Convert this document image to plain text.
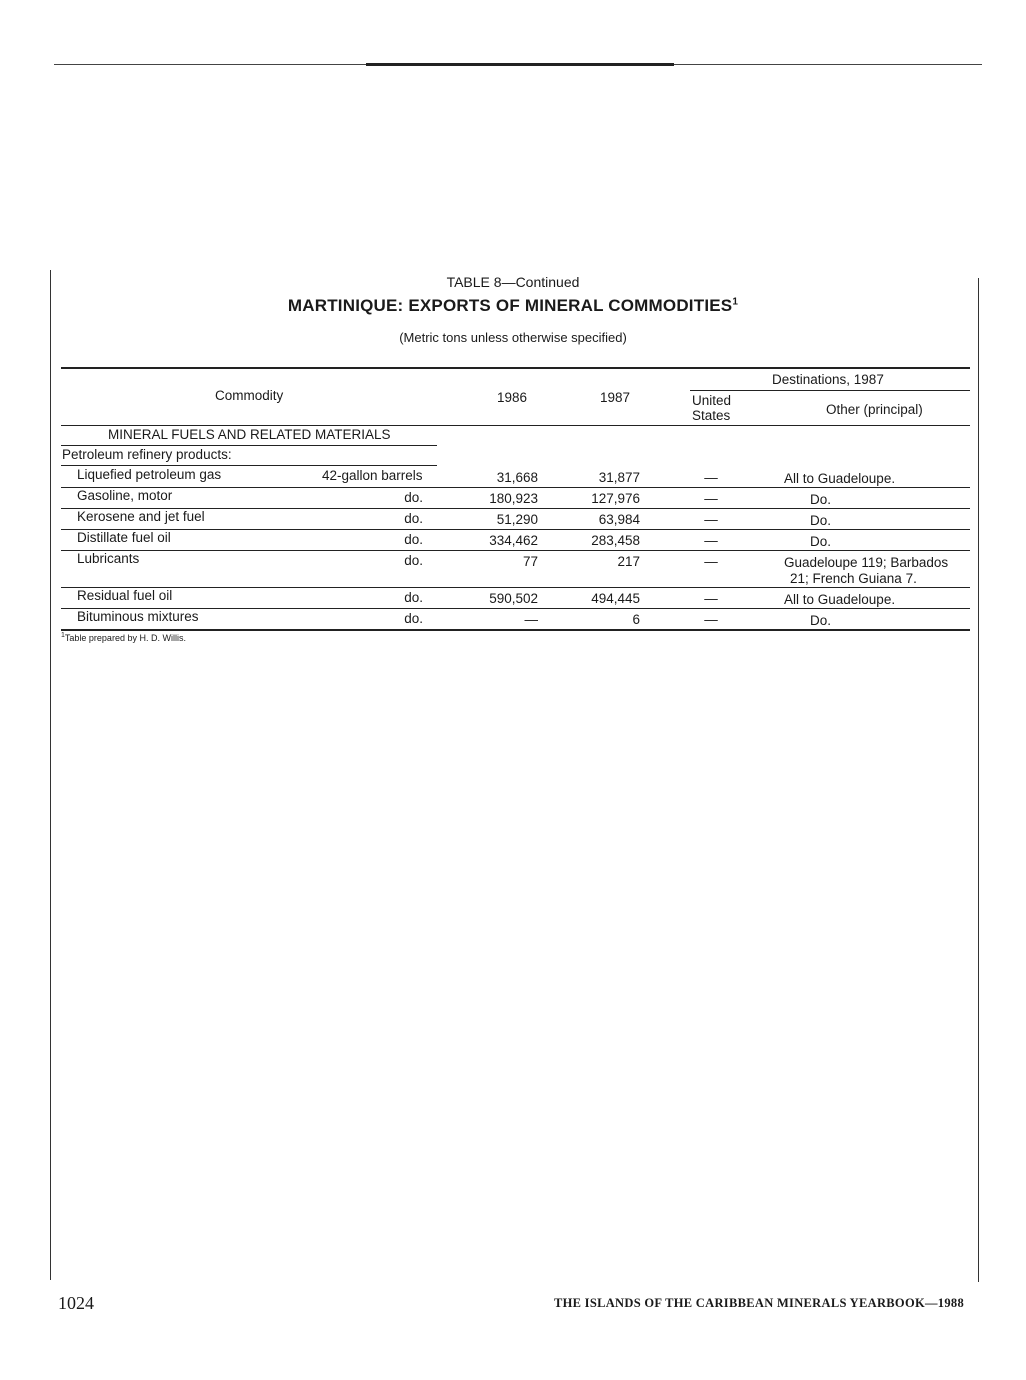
TABLE 8—Continued
MARTINIQUE: EXPORTS OF MINERAL COMMODITIES$^1$
(Metric tons unless otherwise specified)
Commodity	1986	1987
Destinations, 1987
United
States	Other (principal)
MINERAL FUELS AND RELATED MATERIALS
Petroleum refinery products:
Liquefied petroleum gas	42-gallon barrels	31,668	31,877	—	All to Guadeloupe.
Gasoline, motor	do.	180,923	127,976	—	Do.
Kerosene and jet fuel	do.	51,290	63,984	—	Do.
Distillate fuel oil	do.	334,462	283,458	—	Do.
Lubricants	do.	77	217	—	Guadeloupe 119; Barbados
21; French Guiana 7.
Residual fuel oil	do.	590,502	494,445	—	All to Guadeloupe.
Bituminous mixtures	do.	—	6	—	Do.
$^1$Table prepared by H. D. Willis.
1024	THE ISLANDS OF THE CARIBBEAN MINERALS YEARBOOK—1988
